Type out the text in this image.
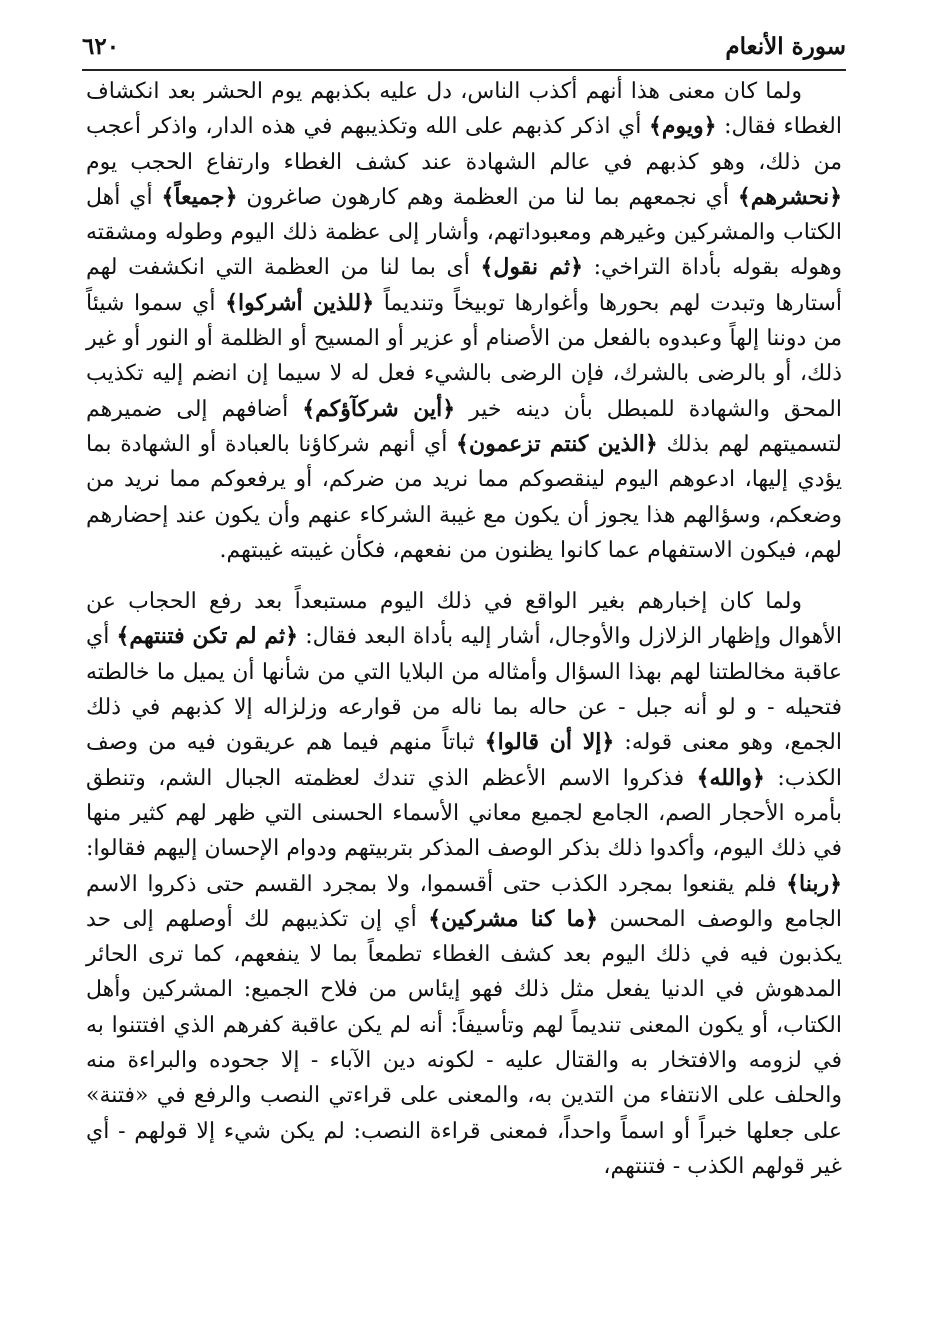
سورة الأنعام
٦٢٠

ولما كان معنى هذا أنهم أكذب الناس، دل عليه بكذبهم يوم الحشر بعد انكشاف الغطاء فقال: ﴿ويوم﴾ أي اذكر كذبهم على الله وتكذيبهم في هذه الدار، واذكر أعجب من ذلك، وهو كذبهم في عالم الشهادة عند كشف الغطاء وارتفاع الحجب يوم ﴿نحشرهم﴾ أي نجمعهم بما لنا من العظمة وهم كارهون صاغرون ﴿جميعاً﴾ أي أهل الكتاب والمشركين وغيرهم ومعبوداتهم، وأشار إلى عظمة ذلك اليوم وطوله ومشقته وهوله بقوله بأداة التراخي: ﴿ثم نقول﴾ أى بما لنا من العظمة التي انكشفت لهم أستارها وتبدت لهم بحورها وأغوارها توبيخاً وتنديماً ﴿للذين أشركوا﴾ أي سموا شيئاً من دوننا إلهاً وعبدوه بالفعل من الأصنام أو عزير أو المسيح أو الظلمة أو النور أو غير ذلك، أو بالرضى بالشرك، فإن الرضى بالشيء فعل له لا سيما إن انضم إليه تكذيب المحق والشهادة للمبطل بأن دينه خير ﴿أين شركآؤكم﴾ أضافهم إلى ضميرهم لتسميتهم لهم بذلك ﴿الذين كنتم تزعمون﴾ أي أنهم شركاؤنا بالعبادة أو الشهادة بما يؤدي إليها، ادعوهم اليوم لينقصوكم مما نريد من ضركم، أو يرفعوكم مما نريد من وضعكم، وسؤالهم هذا يجوز أن يكون مع غيبة الشركاء عنهم وأن يكون عند إحضارهم لهم، فيكون الاستفهام عما كانوا يظنون من نفعهم، فكأن غيبته غيبتهم.

ولما كان إخبارهم بغير الواقع في ذلك اليوم مستبعداً بعد رفع الحجاب عن الأهوال وإظهار الزلازل والأوجال، أشار إليه بأداة البعد فقال: ﴿ثم لم تكن فتنتهم﴾ أي عاقبة مخالطتنا لهم بهذا السؤال وأمثاله من البلايا التي من شأنها أن يميل ما خالطته فتحيله - و لو أنه جبل - عن حاله بما ناله من قوارعه وزلزاله إلا كذبهم في ذلك الجمع، وهو معنى قوله: ﴿إلا أن قالوا﴾ ثباتاً منهم فيما هم عريقون فيه من وصف الكذب: ﴿والله﴾ فذكروا الاسم الأعظم الذي تندك لعظمته الجبال الشم، وتنطق بأمره الأحجار الصم، الجامع لجميع معاني الأسماء الحسنى التي ظهر لهم كثير منها في ذلك اليوم، وأكدوا ذلك بذكر الوصف المذكر بتربيتهم ودوام الإحسان إليهم فقالوا: ﴿ربنا﴾ فلم يقنعوا بمجرد الكذب حتى أقسموا، ولا بمجرد القسم حتى ذكروا الاسم الجامع والوصف المحسن ﴿ما كنا مشركين﴾ أي إن تكذيبهم لك أوصلهم إلى حد يكذبون فيه في ذلك اليوم بعد كشف الغطاء تطمعاً بما لا ينفعهم، كما ترى الحائر المدهوش في الدنيا يفعل مثل ذلك فهو إيئاس من فلاح الجميع: المشركين وأهل الكتاب، أو يكون المعنى تنديماً لهم وتأسيفاً: أنه لم يكن عاقبة كفرهم الذي افتتنوا به في لزومه والافتخار به والقتال عليه - لكونه دين الآباء - إلا جحوده والبراءة منه والحلف على الانتفاء من التدين به، والمعنى على قراءتي النصب والرفع في «فتنة» على جعلها خبراً أو اسماً واحداً، فمعنى قراءة النصب: لم يكن شيء إلا قولهم - أي غير قولهم الكذب - فتنتهم،
